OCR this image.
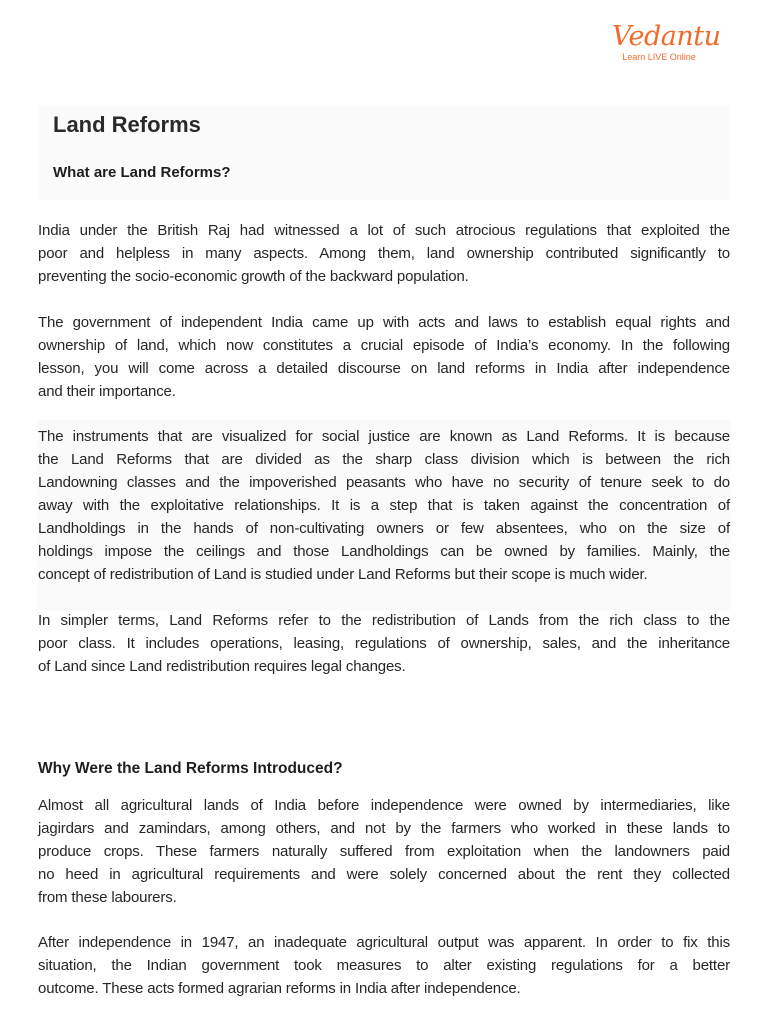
Vedantu
Learn LIVE Online
Land Reforms
What are Land Reforms?
India under the British Raj had witnessed a lot of such atrocious regulations that exploited the
poor and helpless in many aspects. Among them, land ownership contributed significantly to
preventing the socio-economic growth of the backward population.
The government of independent India came up with acts and laws to establish equal rights and
ownership of land, which now constitutes a crucial episode of India’s economy. In the following
lesson, you will come across a detailed discourse on land reforms in India after independence
and their importance.
The instruments that are visualized for social justice are known as Land Reforms. It is because
the Land Reforms that are divided as the sharp class division which is between the rich
Landowning classes and the impoverished peasants who have no security of tenure seek to do
away with the exploitative relationships. It is a step that is taken against the concentration of
Landholdings in the hands of non-cultivating owners or few absentees, who on the size of
holdings impose the ceilings and those Landholdings can be owned by families. Mainly, the
concept of redistribution of Land is studied under Land Reforms but their scope is much wider.
In simpler terms, Land Reforms refer to the redistribution of Lands from the rich class to the
poor class. It includes operations, leasing, regulations of ownership, sales, and the inheritance
of Land since Land redistribution requires legal changes.
Why Were the Land Reforms Introduced?
Almost all agricultural lands of India before independence were owned by intermediaries, like
jagirdars and zamindars, among others, and not by the farmers who worked in these lands to
produce crops. These farmers naturally suffered from exploitation when the landowners paid
no heed in agricultural requirements and were solely concerned about the rent they collected
from these labourers.
After independence in 1947, an inadequate agricultural output was apparent. In order to fix this
situation, the Indian government took measures to alter existing regulations for a better
outcome. These acts formed agrarian reforms in India after independence.
